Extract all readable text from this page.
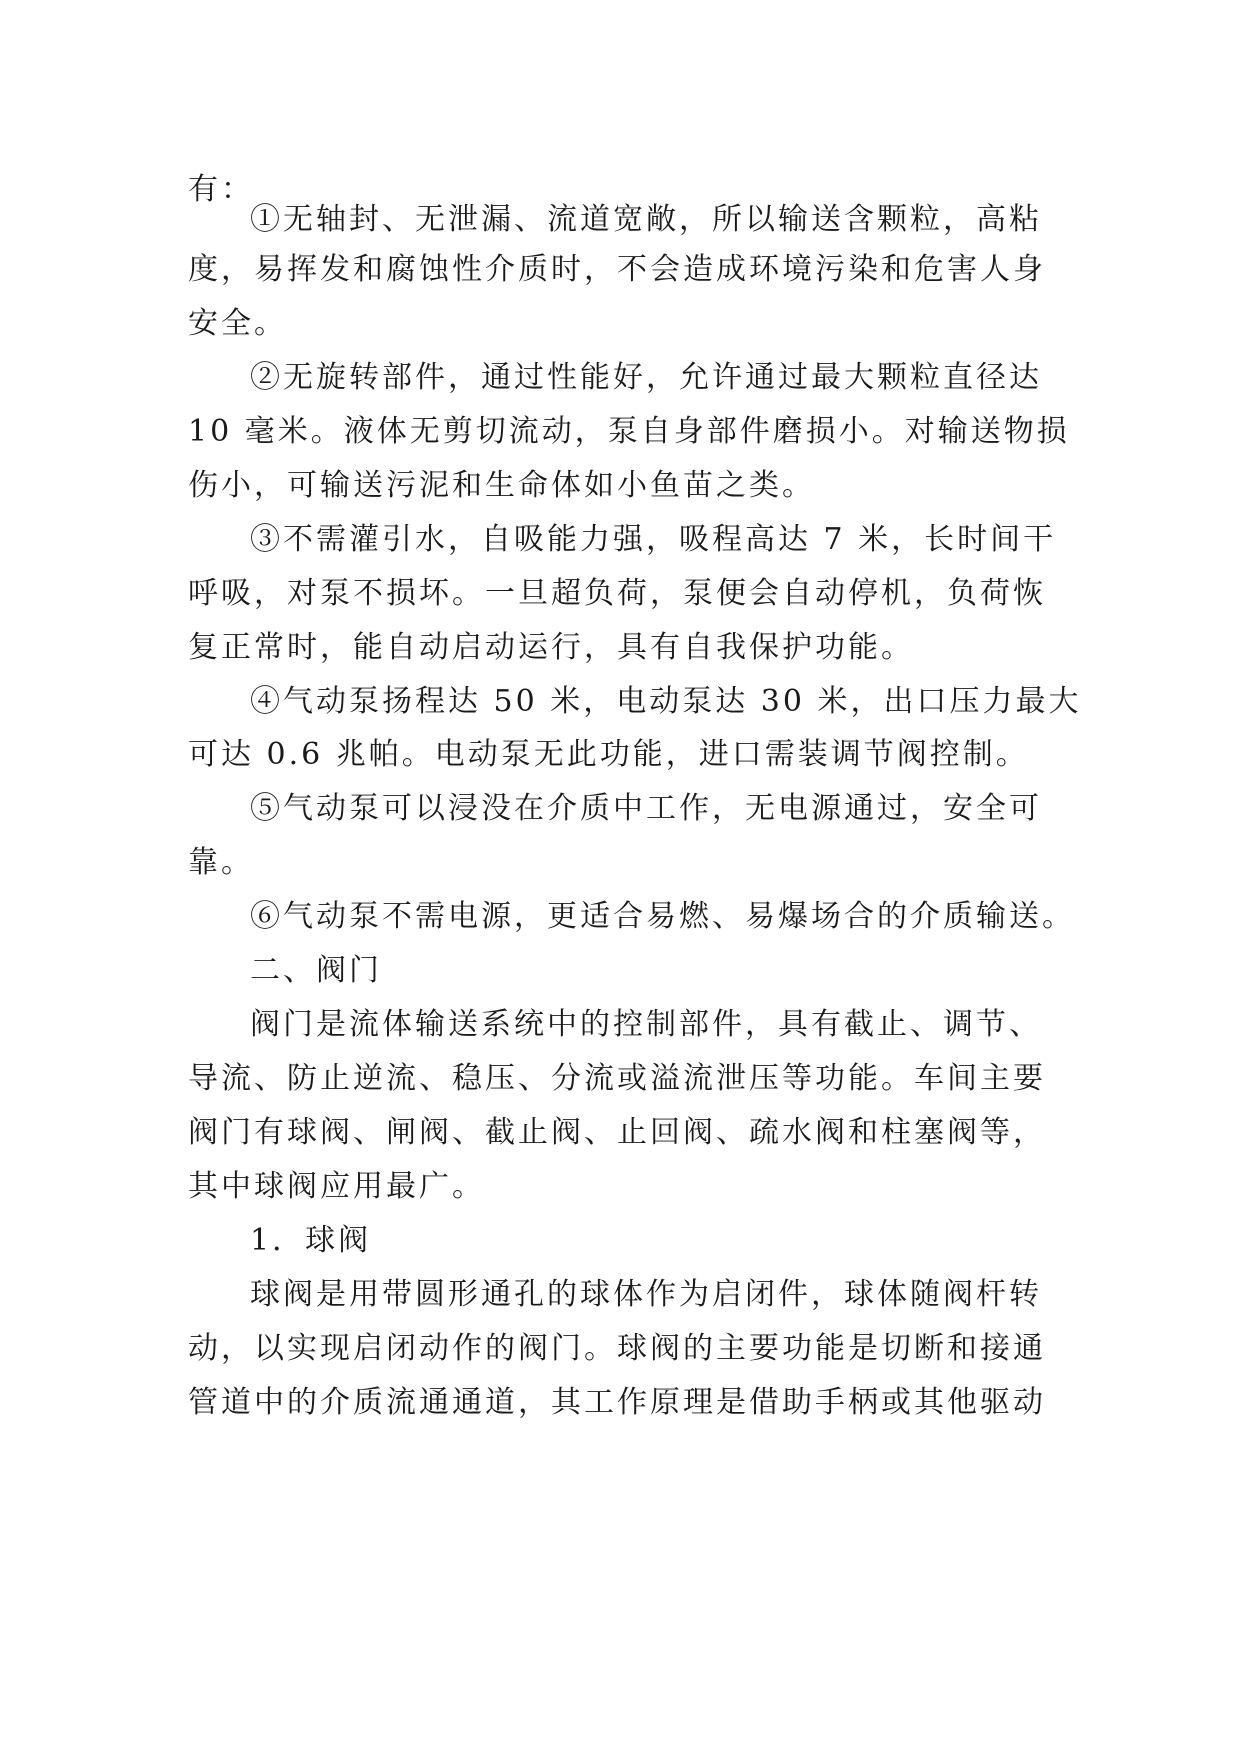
有：
①无轴封、无泄漏、流道宽敞，所以输送含颗粒，高粘
度，易挥发和腐蚀性介质时，不会造成环境污染和危害人身
安全。
②无旋转部件，通过性能好，允许通过最大颗粒直径达
10 毫米。液体无剪切流动，泵自身部件磨损小。对输送物损
伤小，可输送污泥和生命体如小鱼苗之类。
③不需灌引水，自吸能力强，吸程高达 7 米，长时间干
呼吸，对泵不损坏。一旦超负荷，泵便会自动停机，负荷恢
复正常时，能自动启动运行，具有自我保护功能。
④气动泵扬程达 50 米，电动泵达 30 米，出口压力最大
可达 0.6 兆帕。电动泵无此功能，进口需装调节阀控制。
⑤气动泵可以浸没在介质中工作，无电源通过，安全可
靠。
⑥气动泵不需电源，更适合易燃、易爆场合的介质输送。
二、阀门
阀门是流体输送系统中的控制部件，具有截止、调节、
导流、防止逆流、稳压、分流或溢流泄压等功能。车间主要
阀门有球阀、闸阀、截止阀、止回阀、疏水阀和柱塞阀等，
其中球阀应用最广。
1．球阀
球阀是用带圆形通孔的球体作为启闭件，球体随阀杆转
动，以实现启闭动作的阀门。球阀的主要功能是切断和接通
管道中的介质流通通道，其工作原理是借助手柄或其他驱动
